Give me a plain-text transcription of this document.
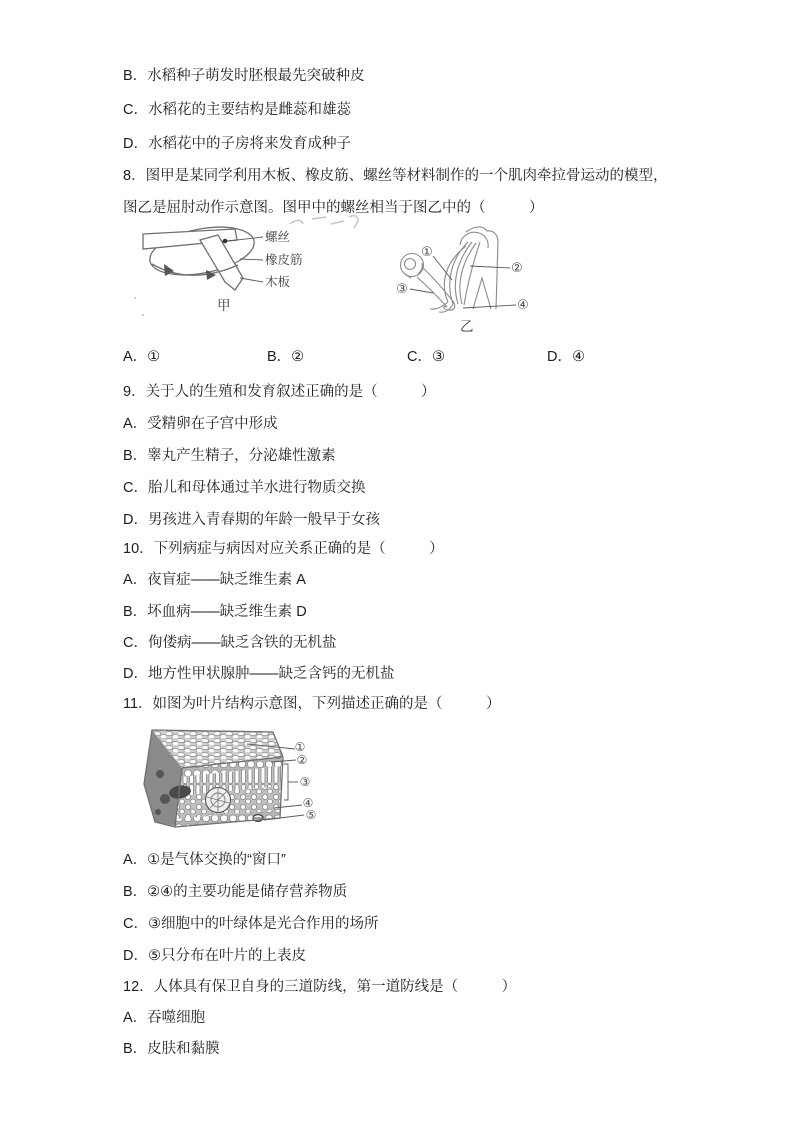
B．水稻种子萌发时胚根最先突破种皮
C．水稻花的主要结构是雌蕊和雄蕊
D．水稻花中的子房将来发育成种子
8．图甲是某同学利用木板、橡皮筋、螺丝等材料制作的一个肌肉牵拉骨运动的模型，
图乙是屈肘动作示意图。图甲中的螺丝相当于图乙中的（　　　）
螺丝
橡皮筋
木板
甲
①
②
③
④
乙

A．①

	B．②

	C．③

	D．④

9．关于人的生殖和发育叙述正确的是（　　　）
A．受精卵在子宫中形成
B．睾丸产生精子，分泌雄性激素
C．胎儿和母体通过羊水进行物质交换
D．男孩进入青春期的年龄一般早于女孩
10．下列病症与病因对应关系正确的是（　　　）
A．夜盲症——缺乏维生素 A
B．坏血病——缺乏维生素 D
C．佝偻病——缺乏含铁的无机盐
D．地方性甲状腺肿——缺乏含钙的无机盐
11．如图为叶片结构示意图，下列描述正确的是（　　　）
①
②
③
④
⑤
A．①是气体交换的“窗口”
B．②④的主要功能是储存营养物质
C．③细胞中的叶绿体是光合作用的场所
D．⑤只分布在叶片的上表皮
12．人体具有保卫自身的三道防线，第一道防线是（　　　）
A．吞噬细胞
B．皮肤和黏膜
